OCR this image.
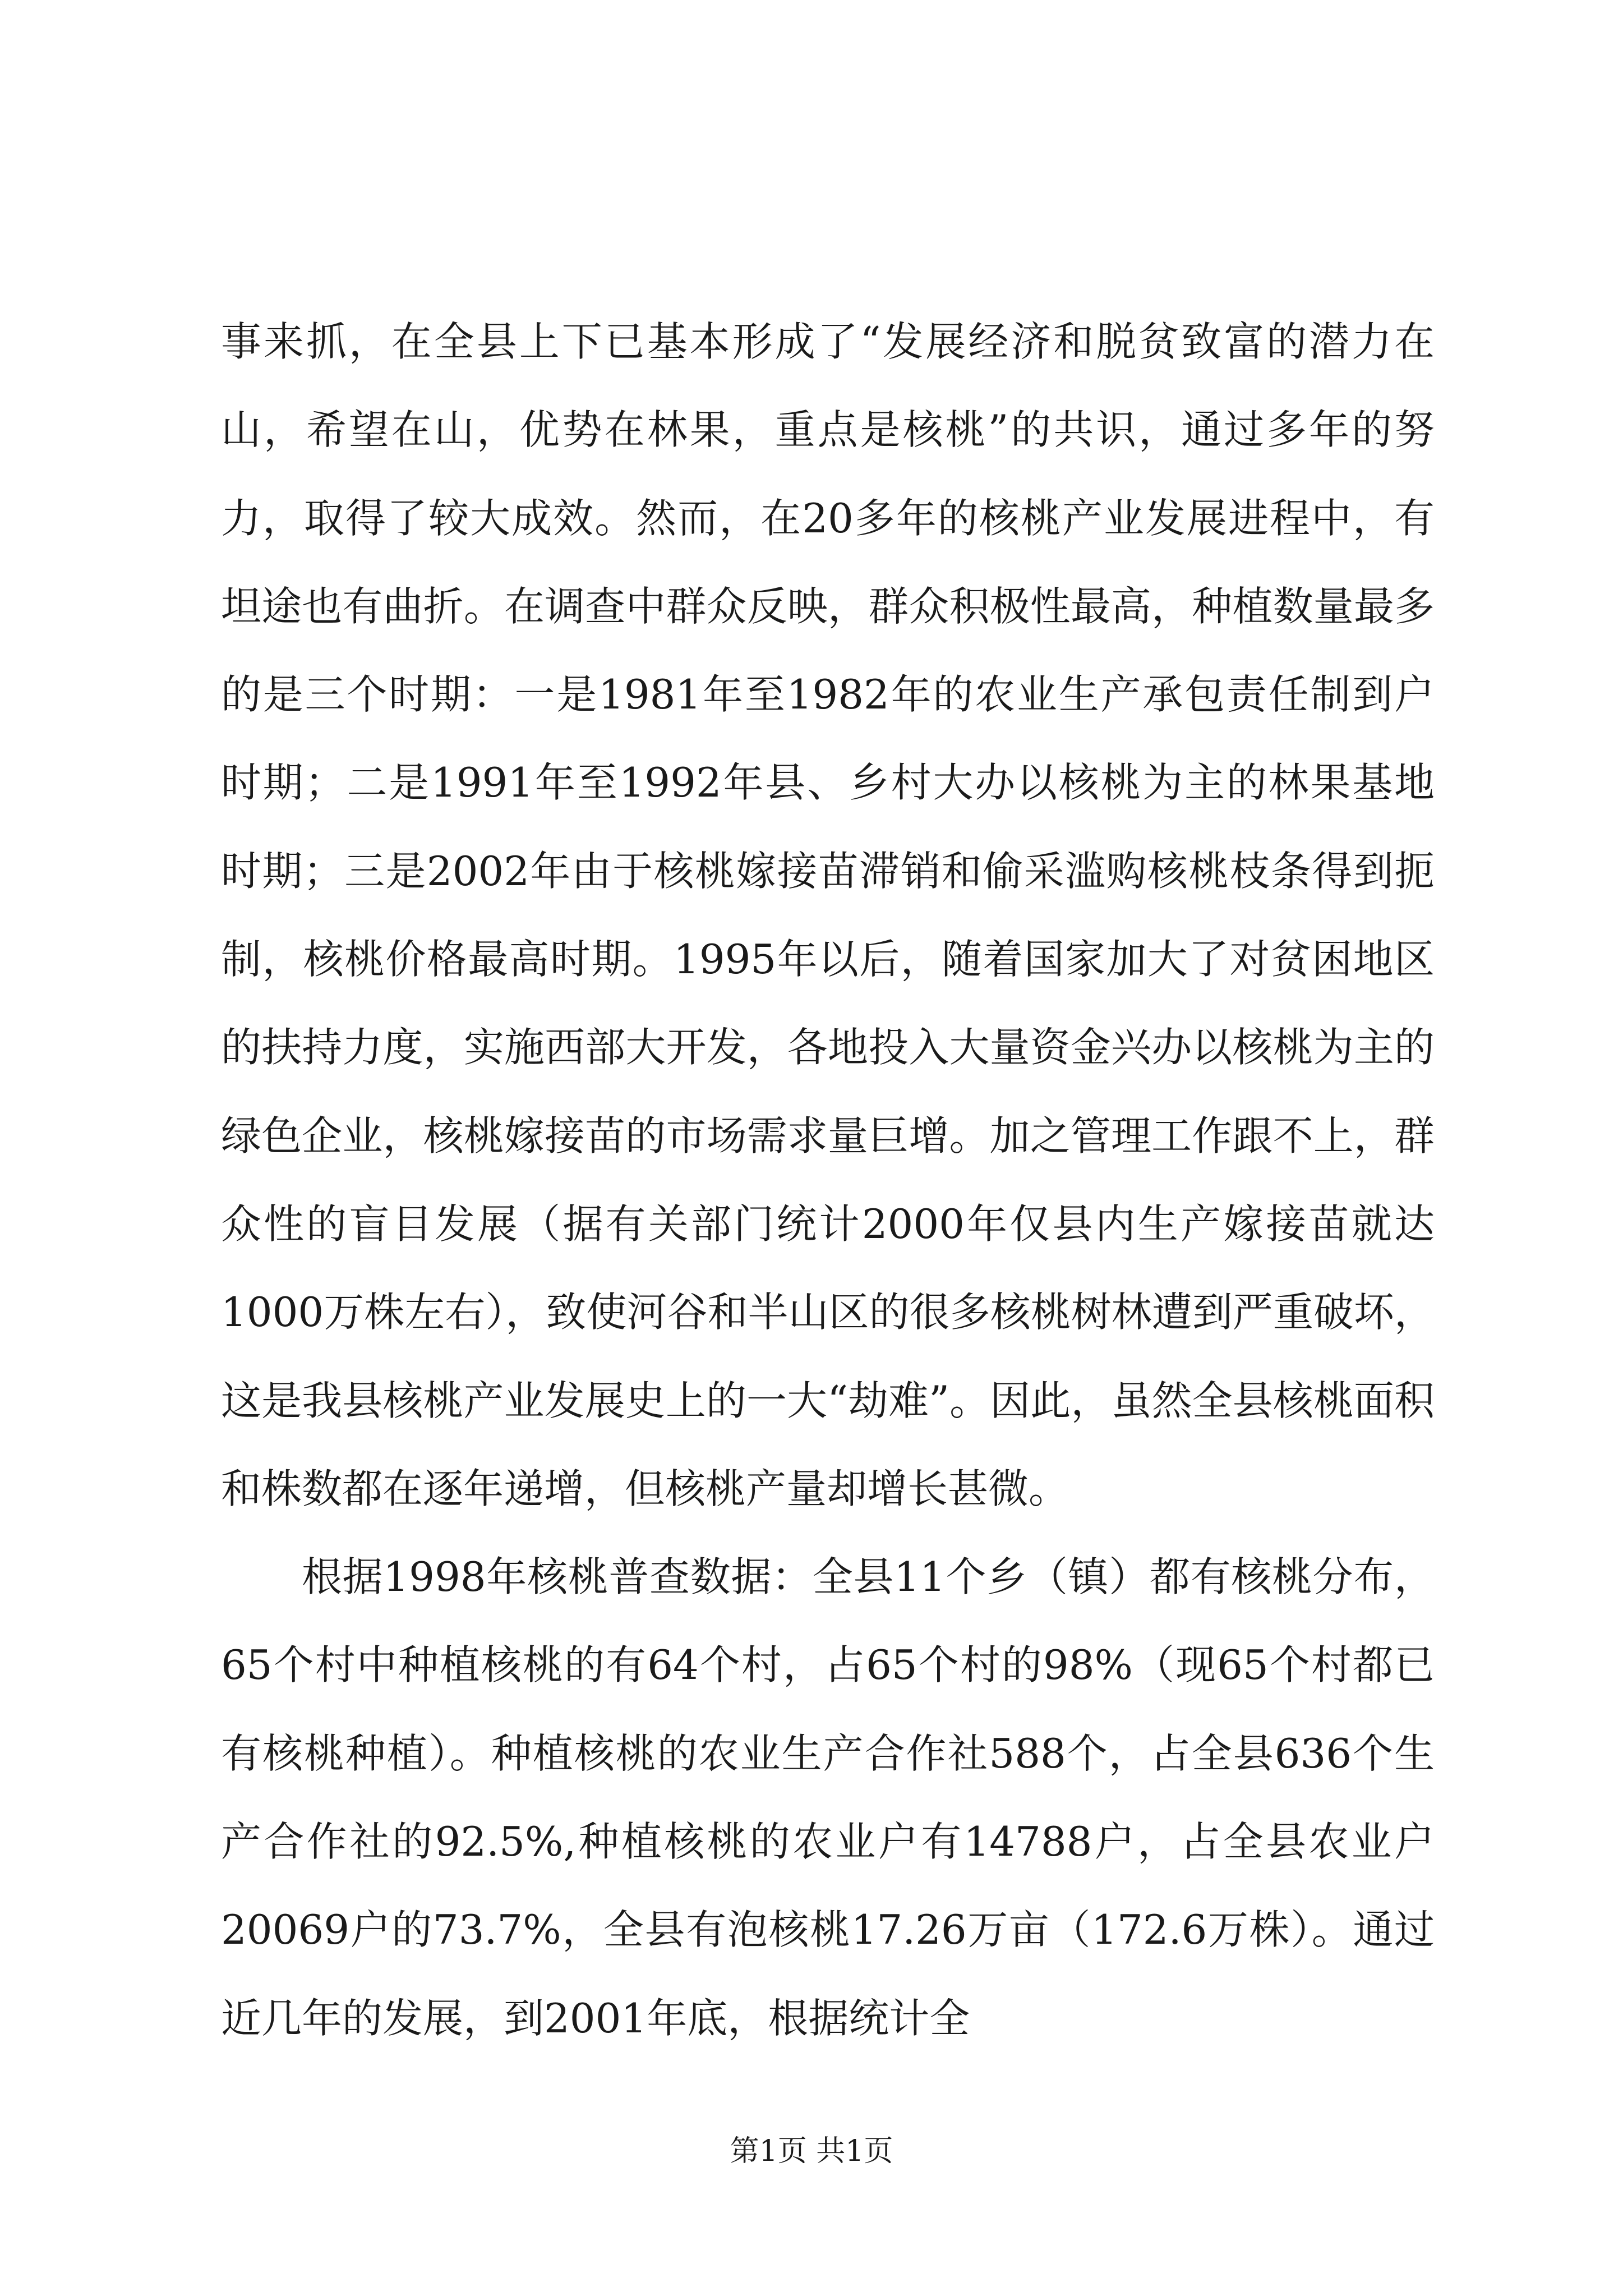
事来抓，在全县上下已基本形成了“发展经济和脱贫致富的潜力在山，希望在山，优势在林果，重点是核桃”的共识，通过多年的努力，取得了较大成效。然而，在20多年的核桃产业发展进程中，有坦途也有曲折。在调查中群众反映，群众积极性最高，种植数量最多的是三个时期：一是1981年至1982年的农业生产承包责任制到户时期；二是1991年至1992年县、乡村大办以核桃为主的林果基地时期；三是2002年由于核桃嫁接苗滞销和偷采滥购核桃枝条得到扼制，核桃价格最高时期。1995年以后，随着国家加大了对贫困地区的扶持力度，实施西部大开发，各地投入大量资金兴办以核桃为主的绿色企业，核桃嫁接苗的市场需求量巨增。加之管理工作跟不上，群众性的盲目发展（据有关部门统计2000年仅县内生产嫁接苗就达1000万株左右），致使河谷和半山区的很多核桃树林遭到严重破坏，这是我县核桃产业发展史上的一大“劫难”。因此，虽然全县核桃面积和株数都在逐年递增，但核桃产量却增长甚微。

根据1998年核桃普查数据：全县11个乡（镇）都有核桃分布，65个村中种植核桃的有64个村，占65个村的98%（现65个村都已有核桃种植）。种植核桃的农业生产合作社588个，占全县636个生产合作社的92.5%,种植核桃的农业户有14788户，占全县农业户20069户的73.7%，全县有泡核桃17.26万亩（172.6万株）。通过近几年的发展，到2001年底，根据统计全

第1页 共1页
